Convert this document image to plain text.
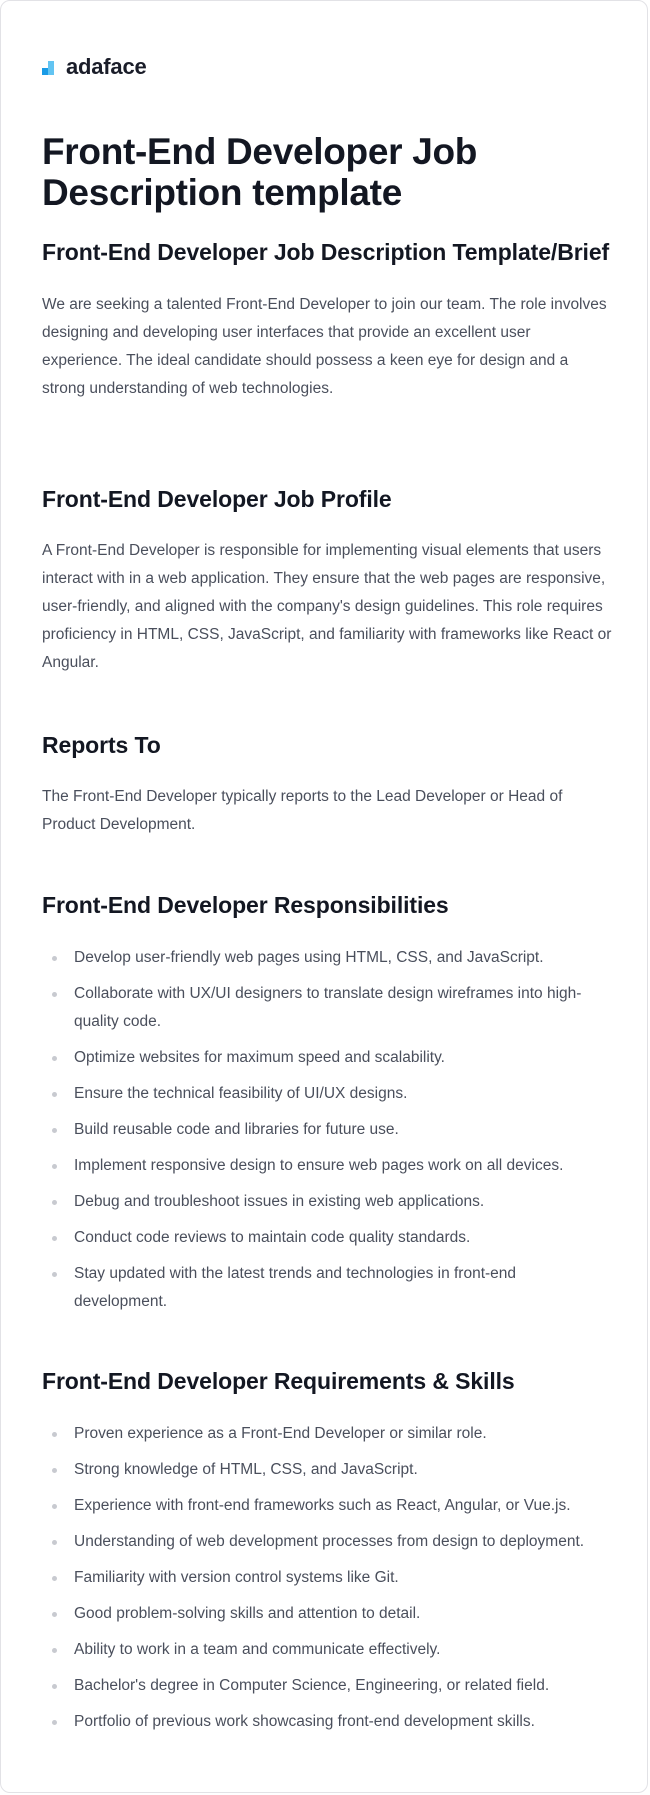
adaface
Front-End Developer Job Description template
Front-End Developer Job Description Template/Brief

We are seeking a talented Front-End Developer to join our team. The role involves designing and developing user interfaces that provide an excellent user experience. The ideal candidate should possess a keen eye for design and a strong understanding of web technologies.

Front-End Developer Job Profile

A Front-End Developer is responsible for implementing visual elements that users interact with in a web application. They ensure that the web pages are responsive, user-friendly, and aligned with the company's design guidelines. This role requires proficiency in HTML, CSS, JavaScript, and familiarity with frameworks like React or Angular.

Reports To

The Front-End Developer typically reports to the Lead Developer or Head of Product Development.

Front-End Developer Responsibilities
Develop user-friendly web pages using HTML, CSS, and JavaScript.
Collaborate with UX/UI designers to translate design wireframes into high-quality code.
Optimize websites for maximum speed and scalability.
Ensure the technical feasibility of UI/UX designs.
Build reusable code and libraries for future use.
Implement responsive design to ensure web pages work on all devices.
Debug and troubleshoot issues in existing web applications.
Conduct code reviews to maintain code quality standards.
Stay updated with the latest trends and technologies in front-end development.
Front-End Developer Requirements & Skills
Proven experience as a Front-End Developer or similar role.
Strong knowledge of HTML, CSS, and JavaScript.
Experience with front-end frameworks such as React, Angular, or Vue.js.
Understanding of web development processes from design to deployment.
Familiarity with version control systems like Git.
Good problem-solving skills and attention to detail.
Ability to work in a team and communicate effectively.
Bachelor's degree in Computer Science, Engineering, or related field.
Portfolio of previous work showcasing front-end development skills.
